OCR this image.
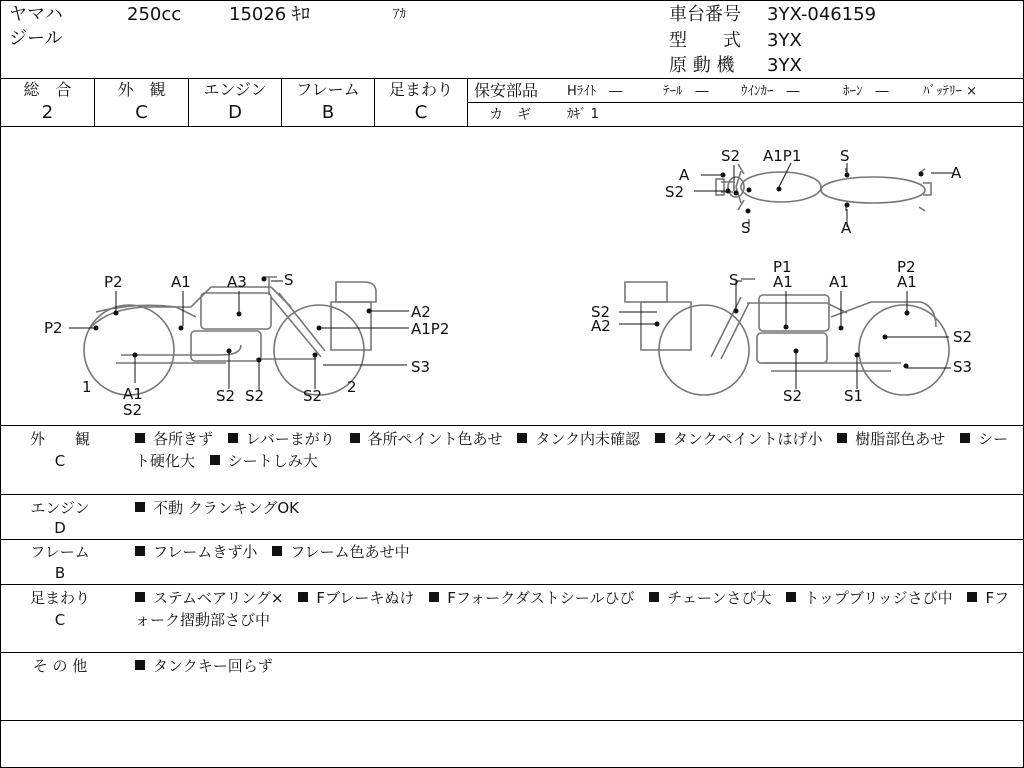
ヤマハ
ジール
250cc	15026 ｷﾛ	ｱｶ	車台番号 3YX-046159
型　　式 3YX
原 動 機 3YX
総　合
2
外　観
C
エンジン
D
フレーム
B
足まわり
C
保安部品 Hﾗｲﾄ　―	ﾃｰﾙ　― ｳｲﾝｶｰ　―	ﾎｰﾝ　―	ﾊﾞｯﾃﾘｰ ×
カ　ギ	ｶｷﾞ 1
S2 A1P1	S
A
S2
S	A
A
P2	A1 A3 S
P2
A2
A1P2
1 A1
S2
S2 S2	S2 2
S3
S
P1
A1 A1
P2
A1
S2
A2
S2
S3
S2	S1
外　　観
C
各所きず レバーまがり 各所ペイント色あせ タンク内未確認 タンクペイントはげ小 樹脂部色あせ シート硬化大 シートしみ大
エンジン
D
不動 クランキングOK
フレーム
B
フレームきず小 フレーム色あせ中
足まわり
C
ステムベアリング× Fブレーキぬけ Fフォークダストシールひび チェーンさび大 トップブリッジさび中 Fフォーク摺動部さび中
そ の 他	タンクキー回らず
